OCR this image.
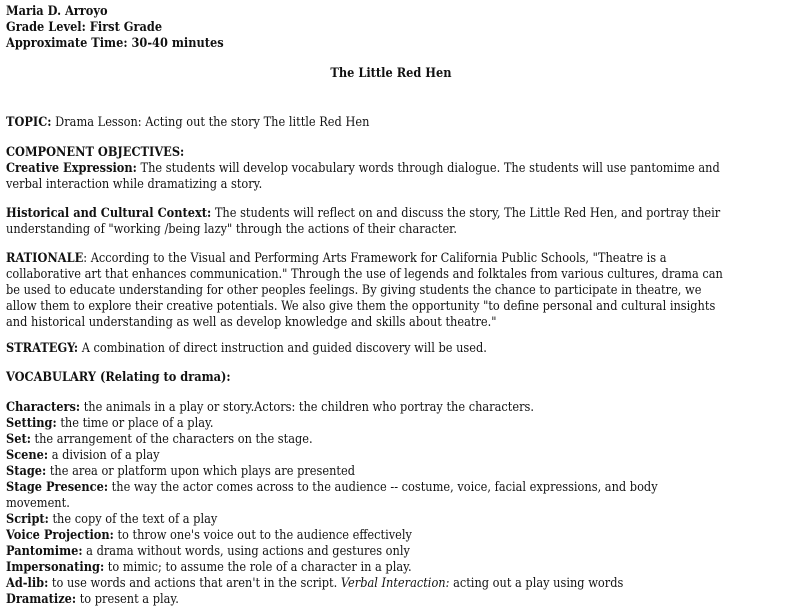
Maria D. Arroyo
Grade Level: First Grade
Approximate Time: 30-40 minutes
The Little Red Hen
TOPIC: Drama Lesson: Acting out the story The little Red Hen
COMPONENT OBJECTIVES:
Creative Expression: The students will develop vocabulary words through dialogue. The students will use pantomime and
verbal interaction while dramatizing a story.
Historical and Cultural Context: The students will reflect on and discuss the story, The Little Red Hen, and portray their
understanding of "working /being lazy" through the actions of their character.
RATIONALE: According to the Visual and Performing Arts Framework for California Public Schools, "Theatre is a
collaborative art that enhances communication." Through the use of legends and folktales from various cultures, drama can
be used to educate understanding for other peoples feelings. By giving students the chance to participate in theatre, we
allow them to explore their creative potentials. We also give them the opportunity "to define personal and cultural insights
and historical understanding as well as develop knowledge and skills about theatre."
STRATEGY: A combination of direct instruction and guided discovery will be used.
VOCABULARY (Relating to drama):
Characters: the animals in a play or story.Actors: the children who portray the characters.
Setting: the time or place of a play.
Set: the arrangement of the characters on the stage.
Scene: a division of a play
Stage: the area or platform upon which plays are presented
Stage Presence: the way the actor comes across to the audience -- costume, voice, facial expressions, and body
movement.
Script: the copy of the text of a play
Voice Projection: to throw one's voice out to the audience effectively
Pantomime: a drama without words, using actions and gestures only
Impersonating: to mimic; to assume the role of a character in a play.
Ad-lib: to use words and actions that aren't in the script. Verbal Interaction: acting out a play using words
Dramatize: to present a play.
